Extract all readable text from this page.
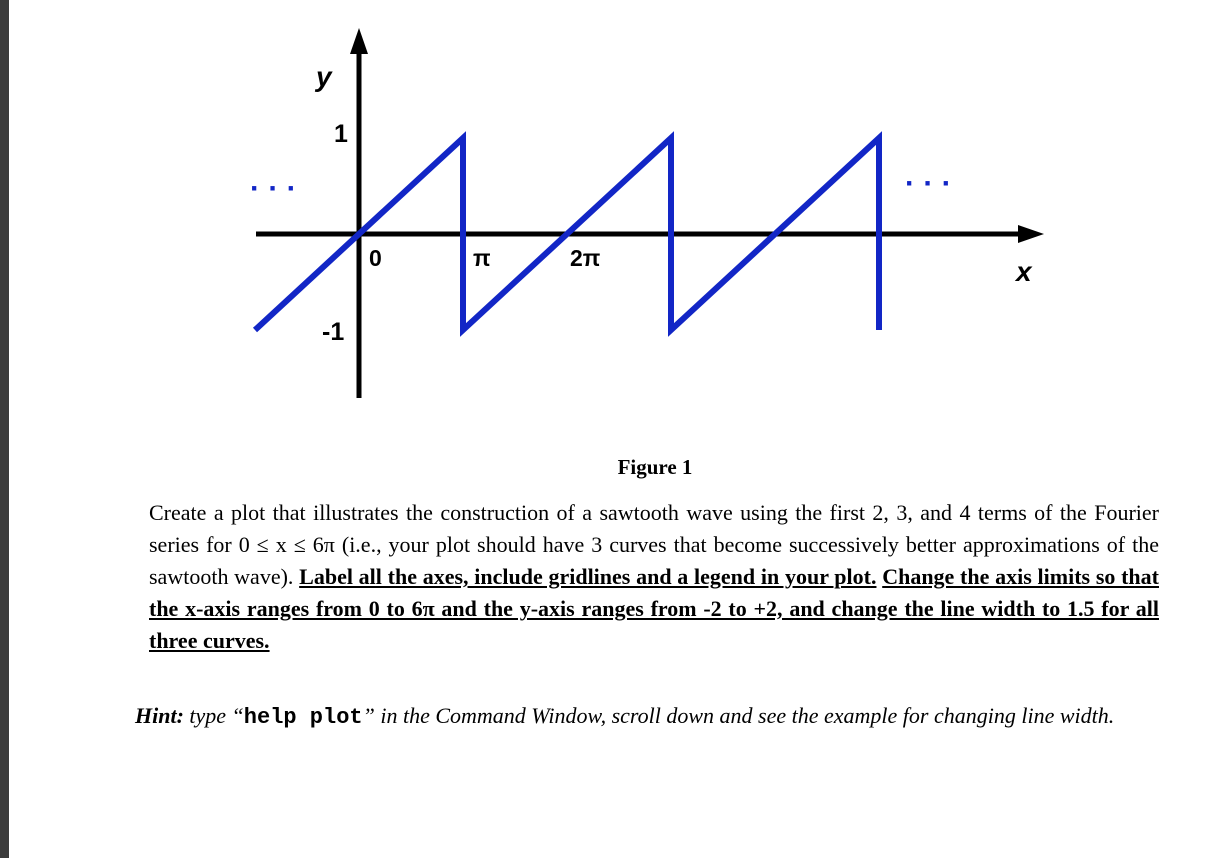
· · ·	· · ·
y
x
1
-1
0	π	2π
Figure 1
Create a plot that illustrates the construction of a sawtooth wave using the first 2, 3, and 4 terms of the Fourier series for 0 ≤ x ≤ 6π (i.e., your plot should have 3 curves that become successively better approximations of the sawtooth wave). Label all the axes, include gridlines and a legend in your plot. Change the axis limits so that the x-axis ranges from 0 to 6π and the y-axis ranges from -2 to +2, and change the line width to 1.5 for all three curves.
Hint: type “help plot” in the Command Window, scroll down and see the example for changing line width.
